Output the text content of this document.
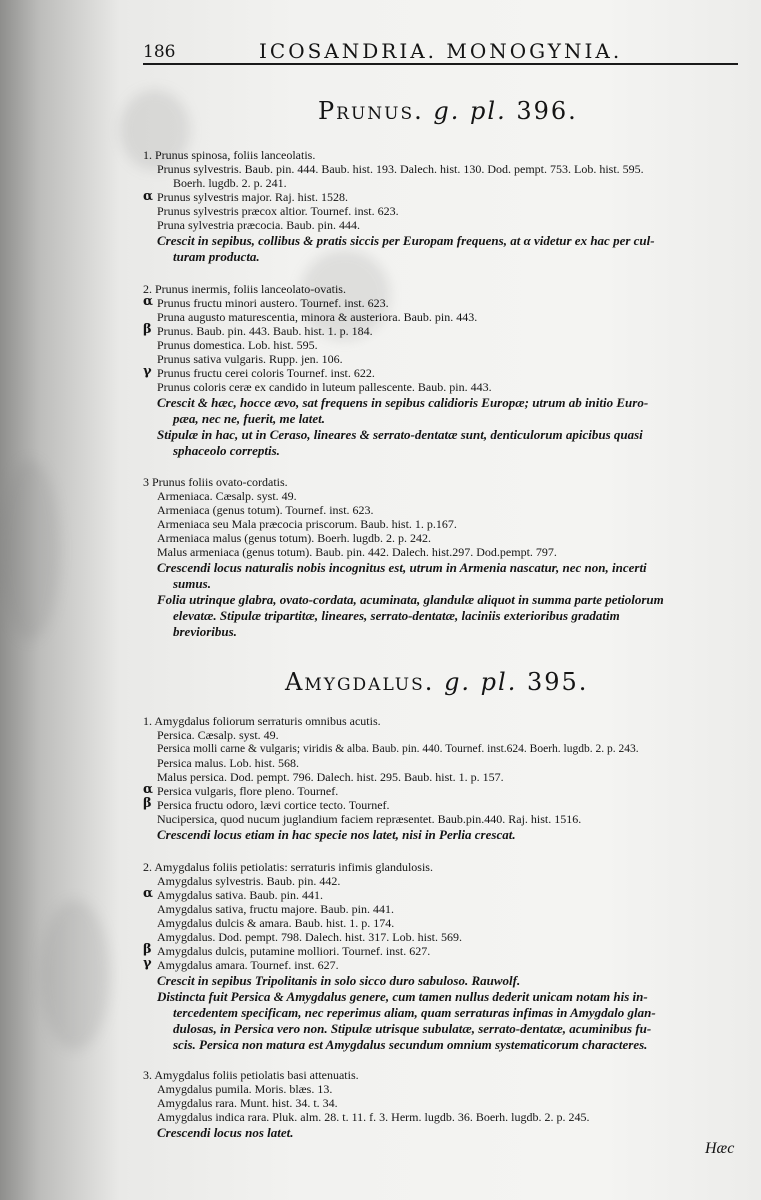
186	ICOSANDRIA. MONOGYNIA.
Prunus. g. pl. 396.
1. Prunus spinosa, foliis lanceolatis.
Prunus sylvestris. Baub. pin. 444. Baub. hist. 193. Dalech. hist. 130. Dod. pempt. 753. Lob. hist. 595.
Boerh. lugdb. 2. p. 241.
α Prunus sylvestris major. Raj. hist. 1528.
Prunus sylvestris præcox altior. Tournef. inst. 623.
Pruna sylvestria præcocia. Baub. pin. 444.
Crescit in sepibus, collibus & pratis siccis per Europam frequens, at α videtur ex hac per cul-
turam producta.
2. Prunus inermis, foliis lanceolato-ovatis.
α Prunus fructu minori austero. Tournef. inst. 623.
Pruna augusto maturescentia, minora & austeriora. Baub. pin. 443.
β Prunus. Baub. pin. 443. Baub. hist. 1. p. 184.
Prunus domestica. Lob. hist. 595.
Prunus sativa vulgaris. Rupp. jen. 106.
γ Prunus fructu cerei coloris Tournef. inst. 622.
Prunus coloris ceræ ex candido in luteum pallescente. Baub. pin. 443.
Crescit & hæc, hocce ævo, sat frequens in sepibus calidioris Europæ; utrum ab initio Euro-
pæa, nec ne, fuerit, me latet.
Stipulæ in hac, ut in Ceraso, lineares & serrato-dentatæ sunt, denticulorum apicibus quasi
sphaceolo correptis.
3 Prunus foliis ovato-cordatis.
Armeniaca. Cæsalp. syst. 49.
Armeniaca (genus totum). Tournef. inst. 623.
Armeniaca seu Mala præcocia priscorum. Baub. hist. 1. p.167.
Armeniaca malus (genus totum). Boerh. lugdb. 2. p. 242.
Malus armeniaca (genus totum). Baub. pin. 442. Dalech. hist.297. Dod.pempt. 797.
Crescendi locus naturalis nobis incognitus est, utrum in Armenia nascatur, nec non, incerti
sumus.
Folia utrinque glabra, ovato-cordata, acuminata, glandulæ aliquot in summa parte petiolorum
elevatæ. Stipulæ tripartitæ, lineares, serrato-dentatæ, laciniis exterioribus gradatim
brevioribus.
Amygdalus. g. pl. 395.
1. Amygdalus foliorum serraturis omnibus acutis.
Persica. Cæsalp. syst. 49.
Persica molli carne & vulgaris; viridis & alba. Baub. pin. 440. Tournef. inst.624. Boerh. lugdb. 2. p. 243.
Persica malus. Lob. hist. 568.
Malus persica. Dod. pempt. 796. Dalech. hist. 295. Baub. hist. 1. p. 157.
α Persica vulgaris, flore pleno. Tournef.
β Persica fructu odoro, lævi cortice tecto. Tournef.
Nucipersica, quod nucum juglandium faciem repræsentet. Baub.pin.440. Raj. hist. 1516.
Crescendi locus etiam in hac specie nos latet, nisi in Perlia crescat.
2. Amygdalus foliis petiolatis: serraturis infimis glandulosis.
Amygdalus sylvestris. Baub. pin. 442.
α Amygdalus sativa. Baub. pin. 441.
Amygdalus sativa, fructu majore. Baub. pin. 441.
Amygdalus dulcis & amara. Baub. hist. 1. p. 174.
Amygdalus. Dod. pempt. 798. Dalech. hist. 317. Lob. hist. 569.
β Amygdalus dulcis, putamine molliori. Tournef. inst. 627.
γ Amygdalus amara. Tournef. inst. 627.
Crescit in sepibus Tripolitanis in solo sicco duro sabuloso. Rauwolf.
Distincta fuit Persica & Amygdalus genere, cum tamen nullus dederit unicam notam his in-
tercedentem specificam, nec reperimus aliam, quam serraturas infimas in Amygdalo glan-
dulosas, in Persica vero non. Stipulæ utrisque subulatæ, serrato-dentatæ, acuminibus fu-
scis. Persica non matura est Amygdalus secundum omnium systematicorum characteres.
3. Amygdalus foliis petiolatis basi attenuatis.
Amygdalus pumila. Moris. blæs. 13.
Amygdalus rara. Munt. hist. 34. t. 34.
Amygdalus indica rara. Pluk. alm. 28. t. 11. f. 3. Herm. lugdb. 36. Boerh. lugdb. 2. p. 245.
Crescendi locus nos latet.
Hæc
